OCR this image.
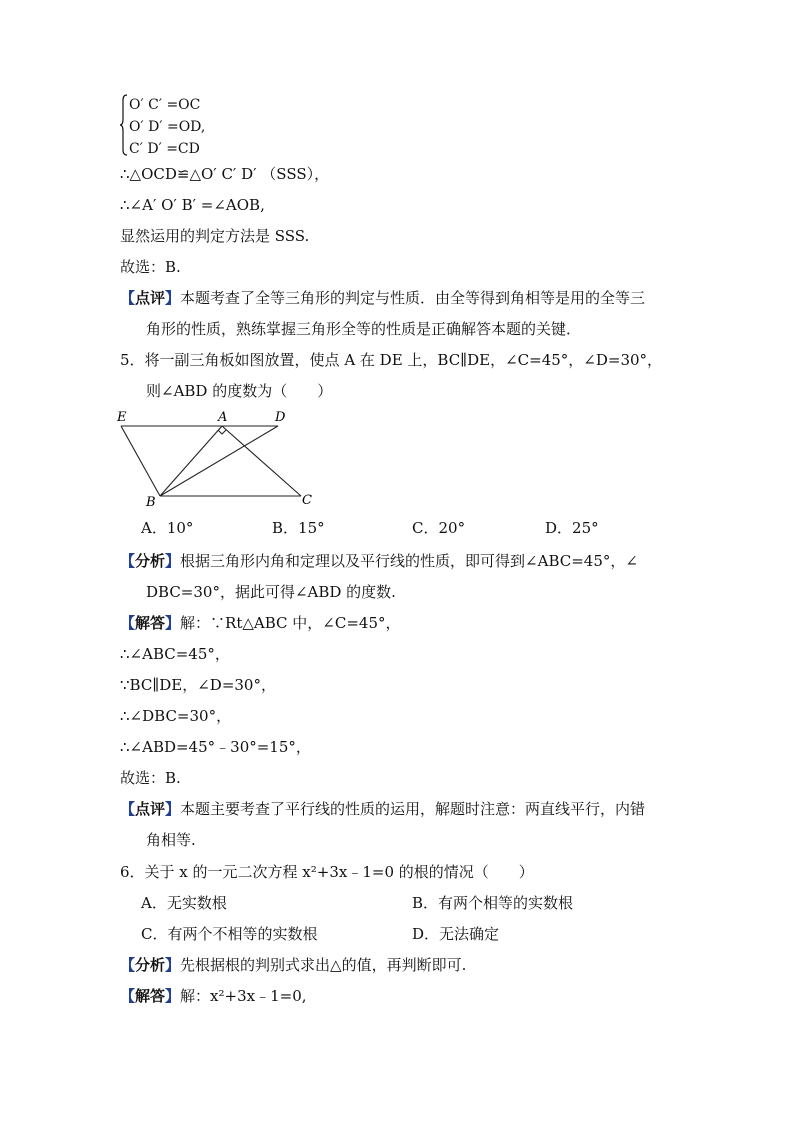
O′ C′ =OC
O′ D′ =OD,
C′ D′ =CD
∴△OCD≌△O′ C′ D′ （SSS），
∴∠A′ O′ B′ =∠AOB,
显然运用的判定方法是 SSS.
故选：B.
【点评】本题考查了全等三角形的判定与性质．由全等得到角相等是用的全等三
角形的性质，熟练掌握三角形全等的性质是正确解答本题的关键．
5．将一副三角板如图放置，使点 A 在 DE 上，BC∥DE，∠C=45°，∠D=30°，
则∠ABD 的度数为（　　）
E	A	D
B	C
A．10°	B．15°	C．20°	D．25°
【分析】根据三角形内角和定理以及平行线的性质，即可得到∠ABC=45°，∠
DBC=30°，据此可得∠ABD 的度数.
【解答】解：∵Rt△ABC 中，∠C=45°，
∴∠ABC=45°，
∵BC∥DE，∠D=30°，
∴∠DBC=30°，
∴∠ABD=45°﹣30°=15°，
故选：B.
【点评】本题主要考查了平行线的性质的运用，解题时注意：两直线平行，内错
角相等.
6．关于 x 的一元二次方程 x²+3x﹣1=0 的根的情况（　　）
A．无实数根	B．有两个相等的实数根
C．有两个不相等的实数根	D．无法确定
【分析】先根据根的判别式求出△的值，再判断即可.
【解答】解：x²+3x﹣1=0,
